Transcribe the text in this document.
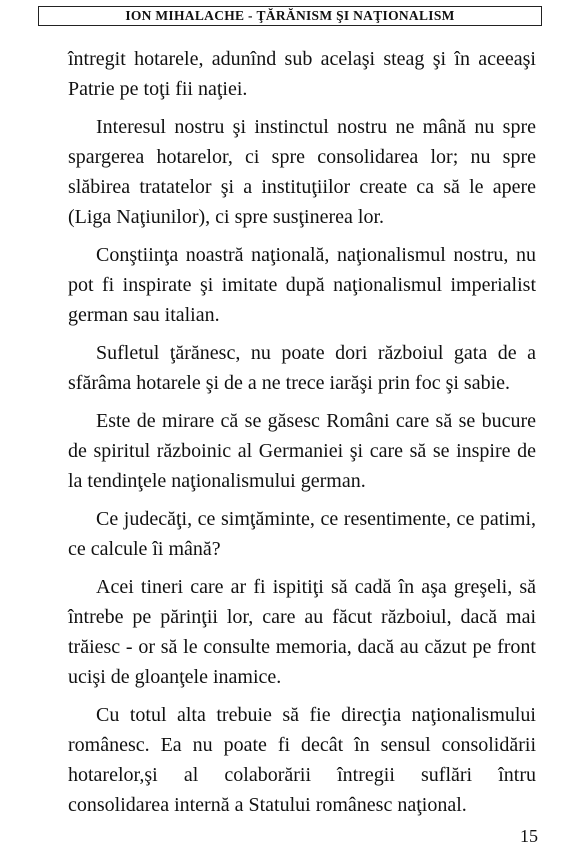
ION MIHALACHE - ŢĂRĂNISM ŞI NAŢIONALISM

întregit hotarele, adunînd sub acelaşi steag şi în aceeaşi Patrie pe toţi fii naţiei.

Interesul nostru şi instinctul nostru ne mână nu spre spargerea hotarelor, ci spre consolidarea lor; nu spre slăbirea tratatelor şi a instituţiilor create ca să le apere (Liga Naţiunilor), ci spre susţinerea lor.

Conştiinţa noastră naţională, naţionalismul nostru, nu pot fi inspirate şi imitate după naţionalismul imperialist german sau italian.

Sufletul ţărănesc, nu poate dori războiul gata de a sfărâma hotarele şi de a ne trece iarăşi prin foc şi sabie.

Este de mirare că se găsesc Români care să se bucure de spiritul războinic al Germaniei şi care să se inspire de la tendinţele naţionalismului german.

Ce judecăţi, ce simţăminte, ce resentimente, ce patimi, ce calcule îi mână?

Acei tineri care ar fi ispitiţi să cadă în aşa greşeli, să întrebe pe părinţii lor, care au făcut războiul, dacă mai trăiesc - or să le consulte memoria, dacă au căzut pe front ucişi de gloanţele inamice.

Cu totul alta trebuie să fie direcţia naţionalismului românesc. Ea nu poate fi decât în sensul consolidării hotarelor,şi al colaborării întregii suflări întru consolidarea internă a Statului românesc naţional.

15
